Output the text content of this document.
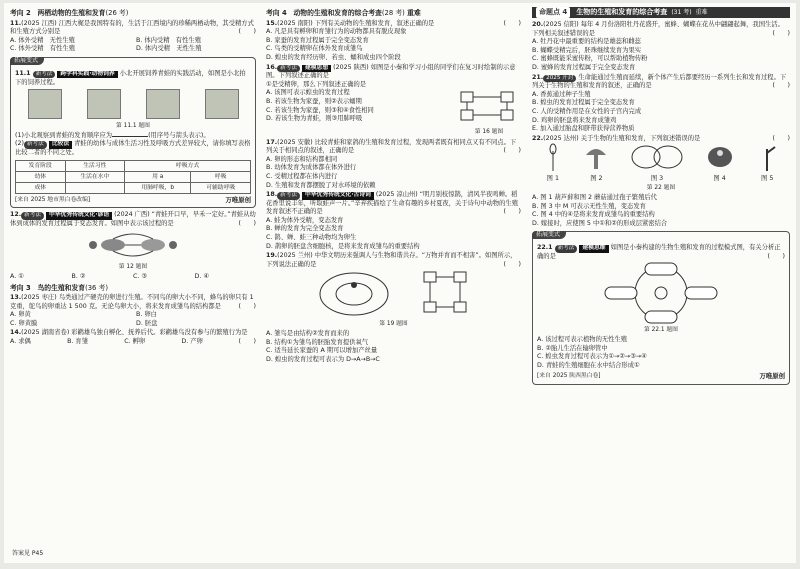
考向 2　两栖动物的生殖和发育(26 考)
11.(2025 江西) 江西大梶是我国特有的，生活于江西境内的珍稀两栖动物，其受精方式和生殖方式分别是	(　　)
A. 体外受精　无性生殖	B. 体内受精　有性生殖
C. 体外受精　有性生殖	D. 体内受精　无性生殖
拓展变式
11.1 新考法 跨学科实践·动物饲养 小北开展饲养青蛙的实践活动，如图是小北拍下的饲养过程。
第 11.1 题图
(1)小北观察到青蛙的发育顺序应为	(用序号与箭头表示)。
(2) 新考法 比较法 青蛙的幼体与成体生活习性及呼吸方式差异较大，请你填写表格比较二者的不同之处。
发育阶段	生活习性	呼吸方式	
幼体	生活在水中	用 a	呼吸
成体		用肺呼吸，b	可辅助呼吸
[来自 2025 地市黑白卷改编]	万唯原创
12. 新考法 中华优秀传统文化·谚语 (2024 广西) “青蛙开口早，早禾一定好。”青蛙从幼体到成体的发育过程属于变态发育。如图中表示该过程的是	(　　)
第 12 题图
A. ①	B. ②	C. ③	D. ④
考向 3　鸟的生殖和发育(36 考)
13.(2025 枣庄) 鸟类通过产硬壳的卵进行生殖。不同鸟的卵大小不同，蜂鸟的卵只有 1 克重，鸵鸟的卵重达 1 500 克。无论鸟卵大小，将来发育成雏鸟的结构都是	(　　)
A. 卵黄	B. 卵白
C. 卵黄膜	D. 胚盘
14.(2025 湖南省卷) 彩鹳雄鸟独自孵化、抚养后代。彩鹳雄鸟没有参与的繁殖行为是
(　　)
A. 求偶	B. 育雏	C. 孵卵	D. 产卵
答案见 P45
考向 4　动物的生殖和发育的综合考查(28 考) 重难
15.(2025 南阳) 下列有关动物的生殖和发育，叙述正确的是	(　　)
A. 凡是具有孵卵和育雏行为的动物都具有脱皮现象
B. 家蚕的发育过程属于完全变态发育
C. 鸟类的受精卵在体外发育成雏鸟
D. 蝗虫的发育经历卵、若虫、蛹和成虫四个阶段
16. 新考法 建模思想 (2025 陕西) 如图是小秦和学习小组的同学们在复习时绘制的示意图。下列叙述正确的是
①是受精卵，那么下列叙述正确的是
A. 该图可表示蝗虫的发育过程
B. 若该生物为家蚕，则②表示蛹期
C. 若该生物为家蚕，则③和④食性相同
D. 若该生物为青蛙，则③用肺呼吸
第 16 题图
17.(2025 安徽) 比较青蛙和家鸽的生殖和发育过程，发现两者既有相同点又有不同点。下列关于相同点的叙述，正确的是	(　　)
A. 卵的形态和结构都相同
B. 幼体发育为成体都在体外进行
C. 受精过程都在体内进行
D. 生殖和发育都摆脱了对水环境的依赖
18. 新考法 中华优秀传统文化·古诗词 (2025 凉山州) “明月别枝惊鹊，清风半夜鸣蝉。稻花香里说丰年，听取蛙声一片。”辛弃疾描绘了生命有趣的乡村夏夜，关于诗句中动物的生殖发育叙述不正确的是	(　　)
A. 蛙为体外受精，变态发育
B. 蝉的发育为完全变态发育
C. 鹊、蝉、蛙三种动物均为卵生
D. 鹊卵的胚盘含细胞核，是将来发育成雏鸟的重要结构
19.(2025 兰州) 中华文明历来强调人与生物和谐共存。“万物并育而不相害”。如图所示，下列说法正确的是	(　　)
第 19 题图
A. 雏鸟是由结构②发育而来的
B. 结构①为雏鸟的胚胎发育提供氧气
C. 适当延长家蚕的 A 期可以增加产丝量
D. 蝗虫的发育过程可表示为 D→A→B→C
命题点 4	生物的生殖和发育的综合考查 (31 考) 重难
20.(2025 信阳) 每年 4 月份洛阳牡丹花盛开，蜜蜂、蝴蝶在花丛中翩翩起舞，我国生活。下列相关叙述错误的是	(　　)
A. 牡丹花中最重要的结构是雄蕊和雌蕊
B. 蝴蝶受精完后，胚珠继续发育为果实
C. 蜜蜂既能采蜜传粉，可以帮助植物传粉
D. 蜜蜂的发育过程属于完全变态发育
21. 2025 开封 生命能通过生殖而延续，新个体产生后都要经历一系列生长和发育过程。下列关于生物的生殖和发育的叙述，正确的是	(　　)
A. 香蕉通过种子生殖
B. 蝗虫的发育过程属于完全变态发育
C. 人的受精作用是在女性的子宫内完成
D. 鸡卵的胚盘将来发育成雏鸡
E. 加入通过胎盘和脐带获得营养物质
22.(2025 达州) 关于生物的生殖和发育，下列叙述错误的是	(　　)
图 1	图 2	图 3	图 4	图 5
第 22 题图
A. 图 1 葫芦藓和图 2 蘑菇通过孢子繁殖后代
B. 图 3 中 M 可表示无性生殖，变态发育
C. 图 4 中的④是将来发育成雏鸟的重要结构
D. 嫁接时，应使图 5 中①和②的形成层紧密结合
拓展变式
22.1 新考法 建模思维 如图是小秦构建的生物生殖和发育的过程模式图，有关分析正确的是	(　　)
第 22.1 题图
A. 该过程可表示植物的无性生殖
B. ②胎儿生活在输卵管中
C. 蝗虫发育过程可表示为①→②→③→④
D. 青蛙的生殖细胞在水中结合形成①
[来自 2025 陕西黑白卷]	万唯原创
